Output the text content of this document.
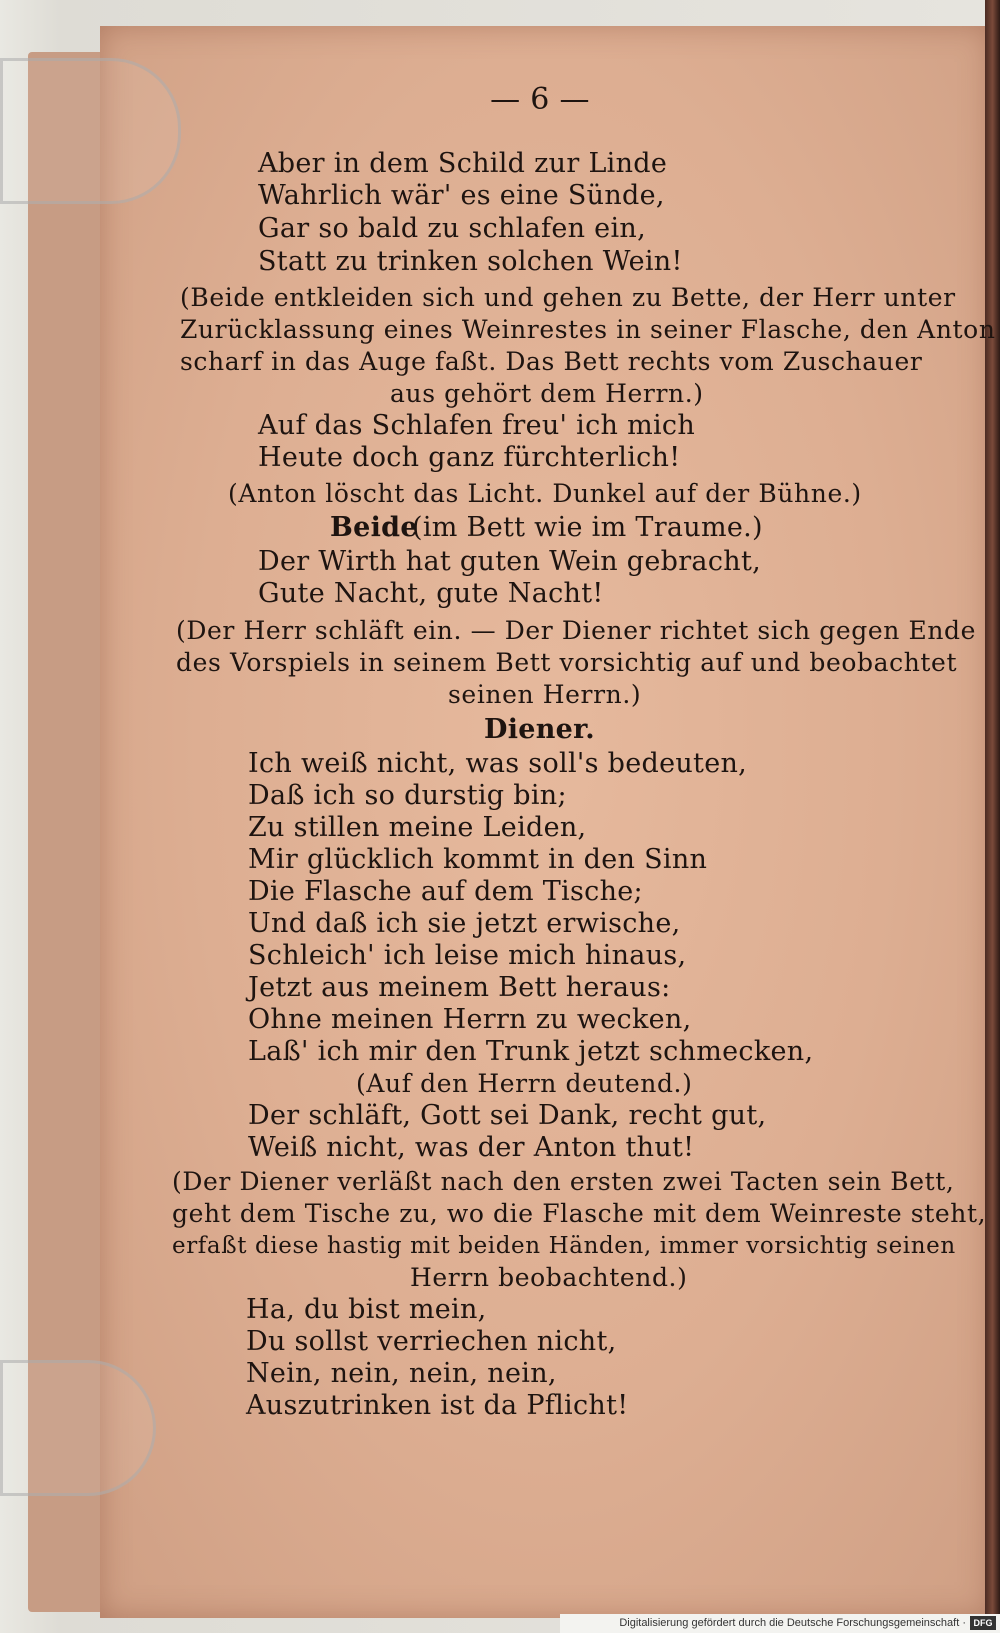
— 6 —
Aber in dem Schild zur Linde
Wahrlich wär' es eine Sünde,
Gar so bald zu schlafen ein,
Statt zu trinken solchen Wein!
(Beide entkleiden sich und gehen zu Bette, der Herr unter
Zurücklassung eines Weinrestes in seiner Flasche, den Anton
scharf in das Auge faßt. Das Bett rechts vom Zuschauer
aus gehört dem Herrn.)
Auf das Schlafen freu' ich mich
Heute doch ganz fürchterlich!
(Anton löscht das Licht. Dunkel auf der Bühne.)
Beide
(im Bett wie im Traume.)
Der Wirth hat guten Wein gebracht,
Gute Nacht, gute Nacht!
(Der Herr schläft ein. — Der Diener richtet sich gegen Ende
des Vorspiels in seinem Bett vorsichtig auf und beobachtet
seinen Herrn.)
Diener.
Ich weiß nicht, was soll's bedeuten,
Daß ich so durstig bin;
Zu stillen meine Leiden,
Mir glücklich kommt in den Sinn
Die Flasche auf dem Tische;
Und daß ich sie jetzt erwische,
Schleich' ich leise mich hinaus,
Jetzt aus meinem Bett heraus:
Ohne meinen Herrn zu wecken,
Laß' ich mir den Trunk jetzt schmecken,
(Auf den Herrn deutend.)
Der schläft, Gott sei Dank, recht gut,
Weiß nicht, was der Anton thut!
(Der Diener verläßt nach den ersten zwei Tacten sein Bett,
geht dem Tische zu, wo die Flasche mit dem Weinreste steht,
erfaßt diese hastig mit beiden Händen, immer vorsichtig seinen
Herrn beobachtend.)
Ha, du bist mein,
Du sollst verriechen nicht,
Nein, nein, nein, nein,
Auszutrinken ist da Pflicht!
Digitalisierung gefördert durch die Deutsche Forschungsgemeinschaft · DFG
